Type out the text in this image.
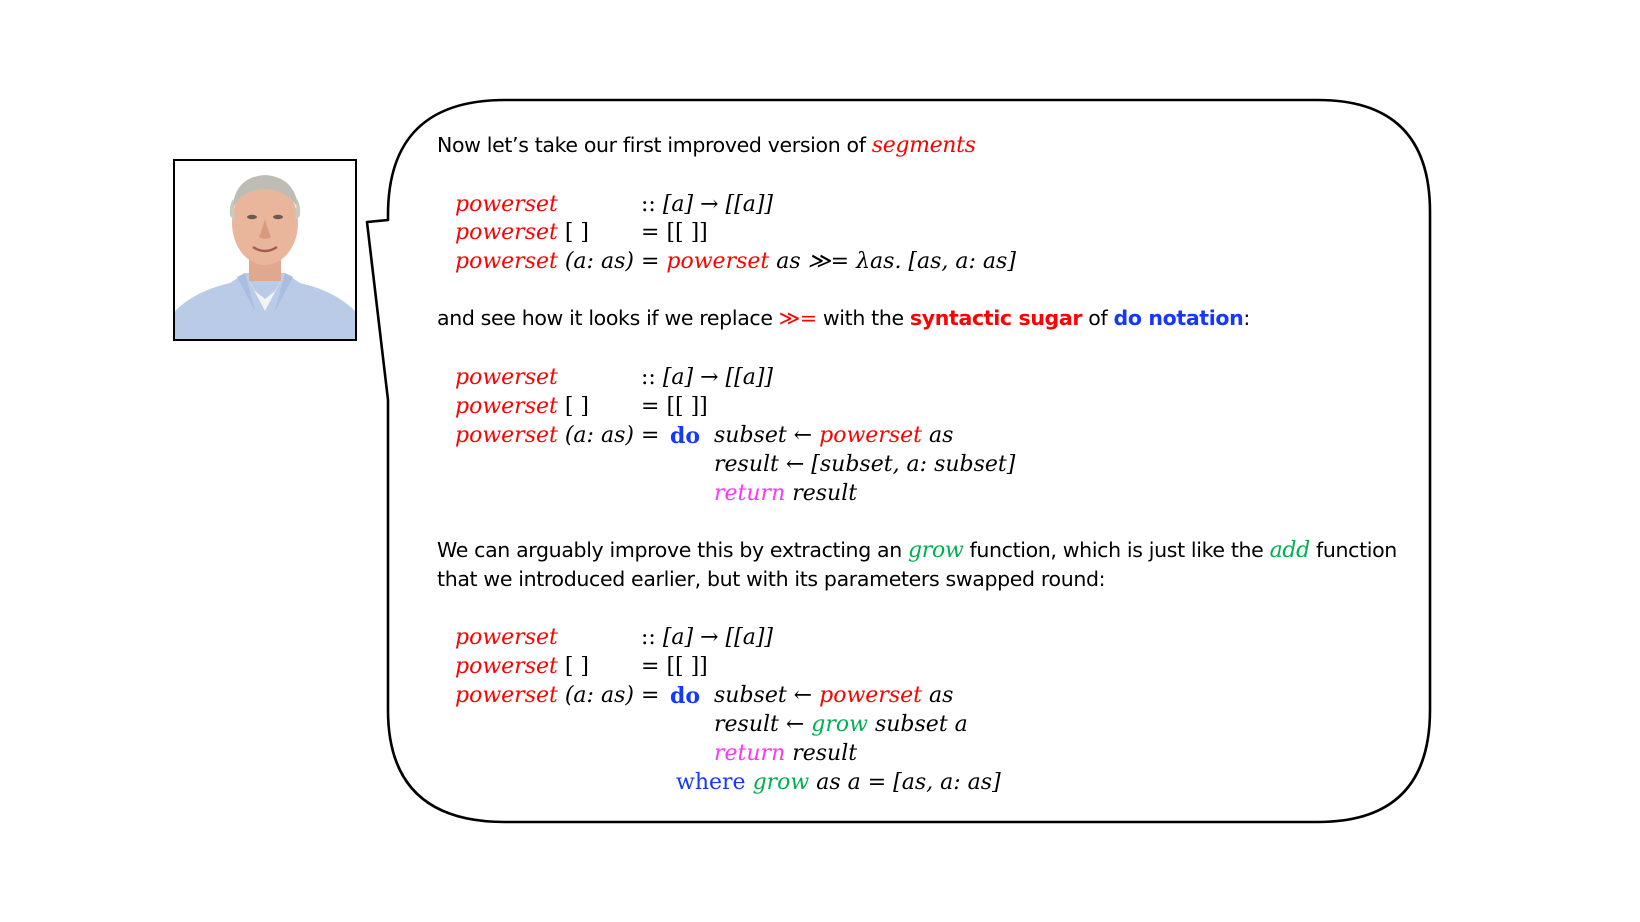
Now let’s take our first improved version of segments
powerset	:: [a] → [[a]]
powerset [ ] = [[ ]]
powerset (a: as) = powerset as ≫= λas. [as, a: as]
and see how it looks if we replace ≫= with the syntactic sugar of do notation:
powerset	:: [a] → [[a]]
powerset [ ] = [[ ]]
powerset (a: as) = do subset ← powerset as
result ← [subset, a: subset]
return result
We can arguably improve this by extracting an grow function, which is just like the add function
that we introduced earlier, but with its parameters swapped round:
powerset	:: [a] → [[a]]
powerset [ ] = [[ ]]
powerset (a: as) = do subset ← powerset as
result ← grow subset a
return result
where grow as a = [as, a: as]
